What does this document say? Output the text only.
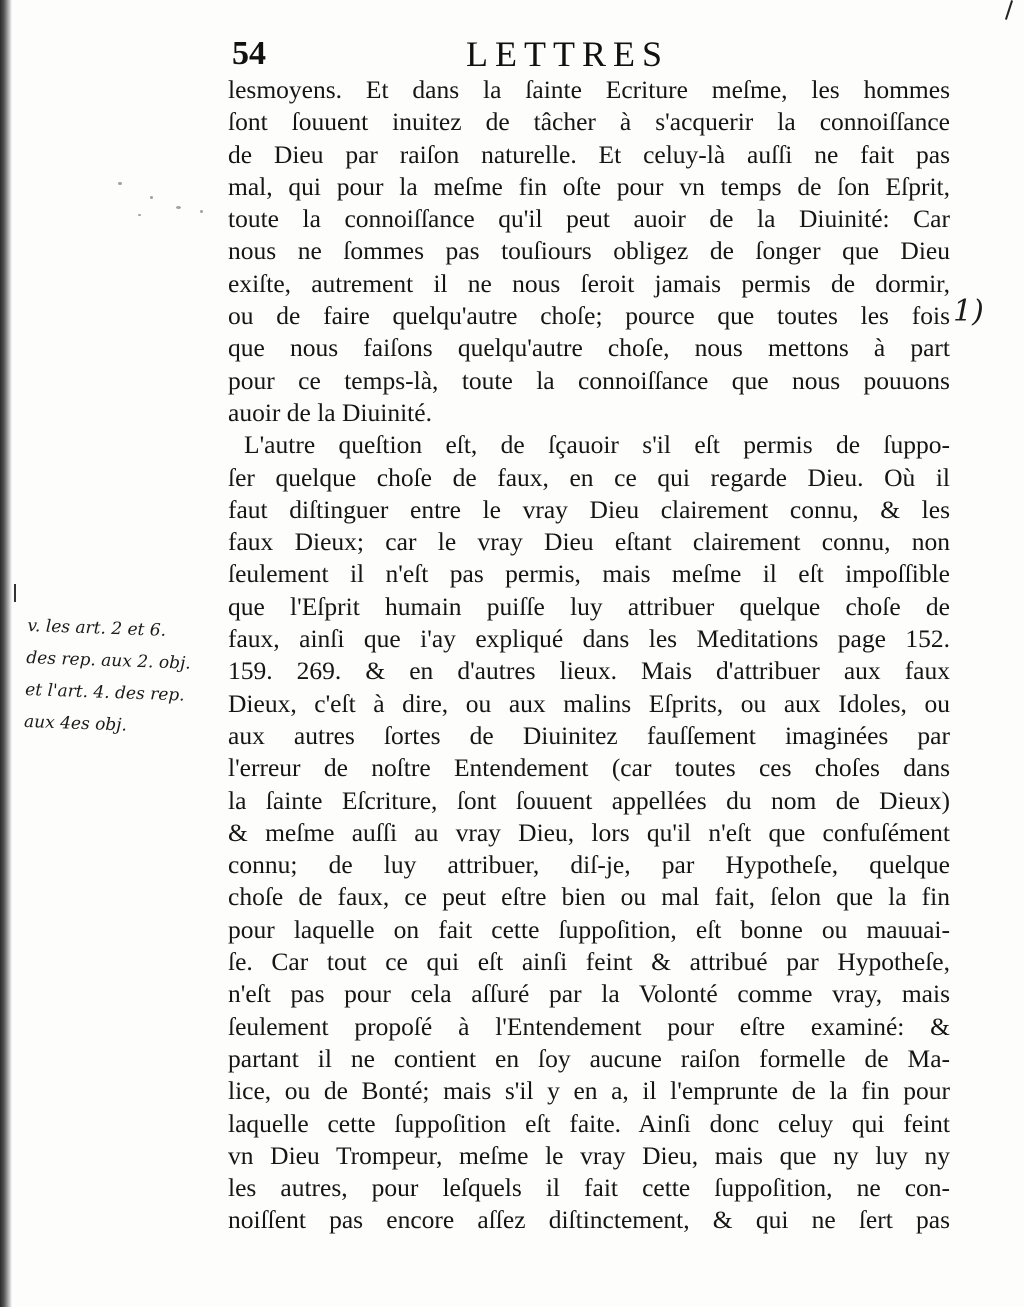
54	LETTRES
lesmoyens. Et dans la ſainte Ecriture meſme, les hommes
ſont ſouuent inuitez de tâcher à s'acquerir la connoiſſance
de Dieu par raiſon naturelle. Et celuy-là auſſi ne fait pas
mal, qui pour la meſme fin oſte pour vn temps de ſon Eſprit,
toute la connoiſſance qu'il peut auoir de la Diuinité: Car
nous ne ſommes pas touſiours obligez de ſonger que Dieu
exiſte, autrement il ne nous ſeroit jamais permis de dormir,
ou de faire quelqu'autre choſe; pource que toutes les fois
que nous faiſons quelqu'autre choſe, nous mettons à part
pour ce temps-là, toute la connoiſſance que nous pouuons
auoir de la Diuinité.
L'autre queſtion eſt, de ſçauoir s'il eſt permis de ſuppo-
ſer quelque choſe de faux, en ce qui regarde Dieu. Où il
faut diſtinguer entre le vray Dieu clairement connu, & les
faux Dieux; car le vray Dieu eſtant clairement connu, non
ſeulement il n'eſt pas permis, mais meſme il eſt impoſſible
que l'Eſprit humain puiſſe luy attribuer quelque choſe de
faux, ainſi que i'ay expliqué dans les Meditations page 152.
159. 269. & en d'autres lieux. Mais d'attribuer aux faux
Dieux, c'eſt à dire, ou aux malins Eſprits, ou aux Idoles, ou
aux autres ſortes de Diuinitez fauſſement imaginées par
l'erreur de noſtre Entendement (car toutes ces choſes dans
la ſainte Eſcriture, ſont ſouuent appellées du nom de Dieux)
& meſme auſſi au vray Dieu, lors qu'il n'eſt que confuſément
connu; de luy attribuer, diſ-je, par Hypotheſe, quelque
choſe de faux, ce peut eſtre bien ou mal fait, ſelon que la fin
pour laquelle on fait cette ſuppoſition, eſt bonne ou mauuai-
ſe. Car tout ce qui eſt ainſi feint & attribué par Hypotheſe,
n'eſt pas pour cela aſſuré par la Volonté comme vray, mais
ſeulement propoſé à l'Entendement pour eſtre examiné: &
partant il ne contient en ſoy aucune raiſon formelle de Ma-
lice, ou de Bonté; mais s'il y en a, il l'emprunte de la fin pour
laquelle cette ſuppoſition eſt faite. Ainſi donc celuy qui feint
vn Dieu Trompeur, meſme le vray Dieu, mais que ny luy ny
les autres, pour leſquels il fait cette ſuppoſition, ne con-
noiſſent pas encore aſſez diſtinctement, & qui ne ſert pas
v. les art. 2 et 6.
des rep. aux 2. obj.
et l'art. 4. des rep.
aux 4es obj.
1)
